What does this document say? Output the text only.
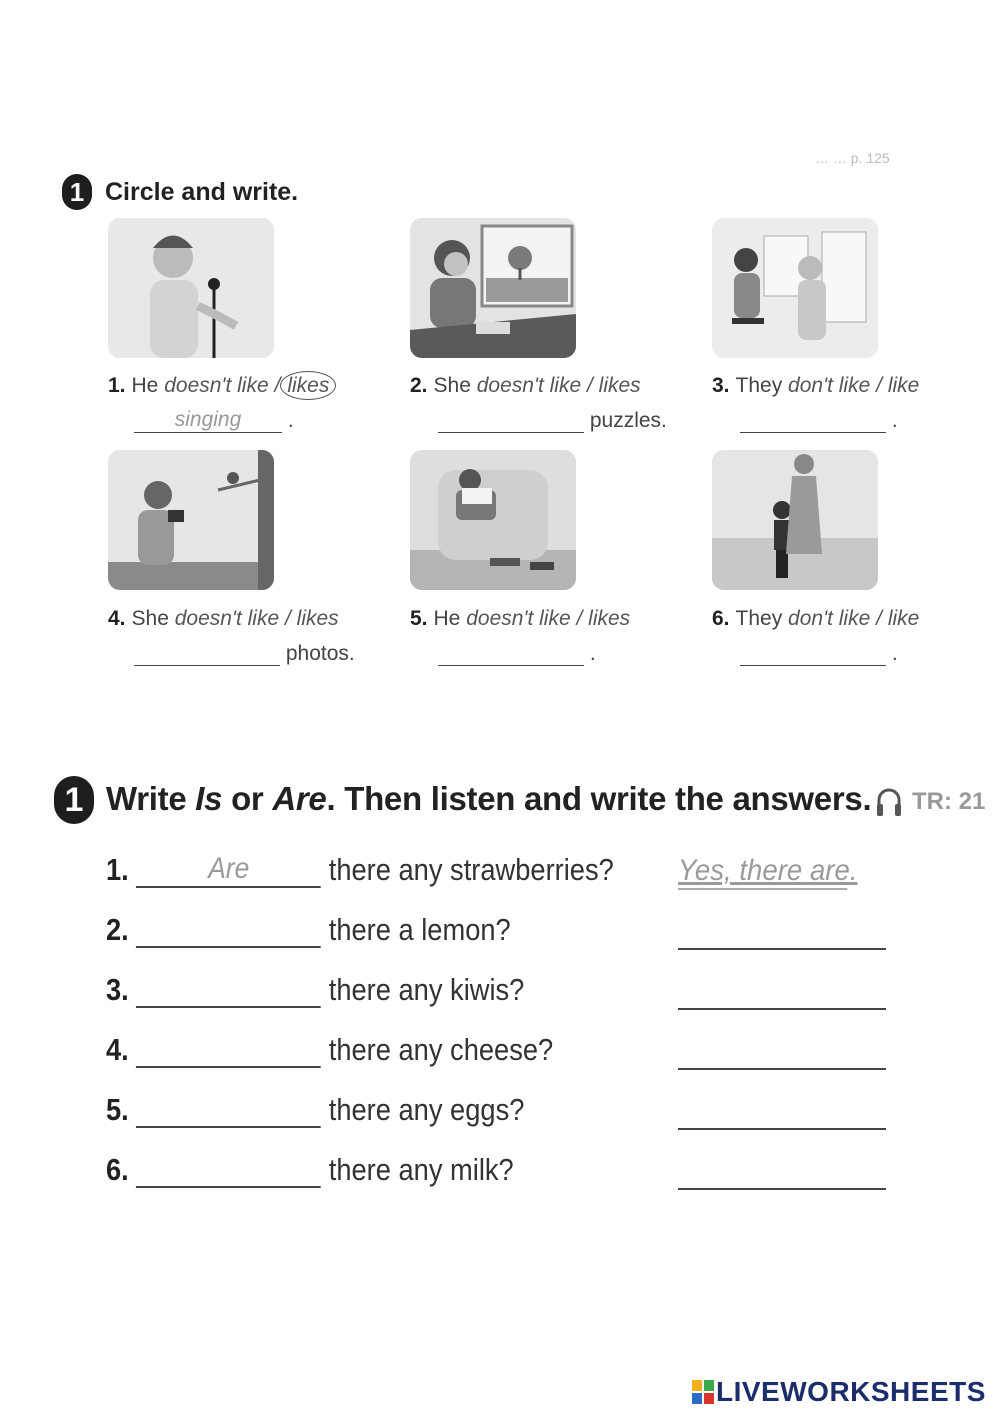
… … p. 125
1 Circle and write.
1. He doesn't like / likes
singing .
2. She doesn't like / likes
puzzles.
3. They don't like / like
.
4. She doesn't like / likes
photos.
5. He doesn't like / likes
.
6. They don't like / like
.
1 Write Is or Are. Then listen and write the answers. TR: 21
1.	Are	there any strawberries? Yes, there are.
2.	there a lemon?
3.	there any kiwis?
4.	there any cheese?
5.	there any eggs?
6.	there any milk?
LIVEWORKSHEETS
